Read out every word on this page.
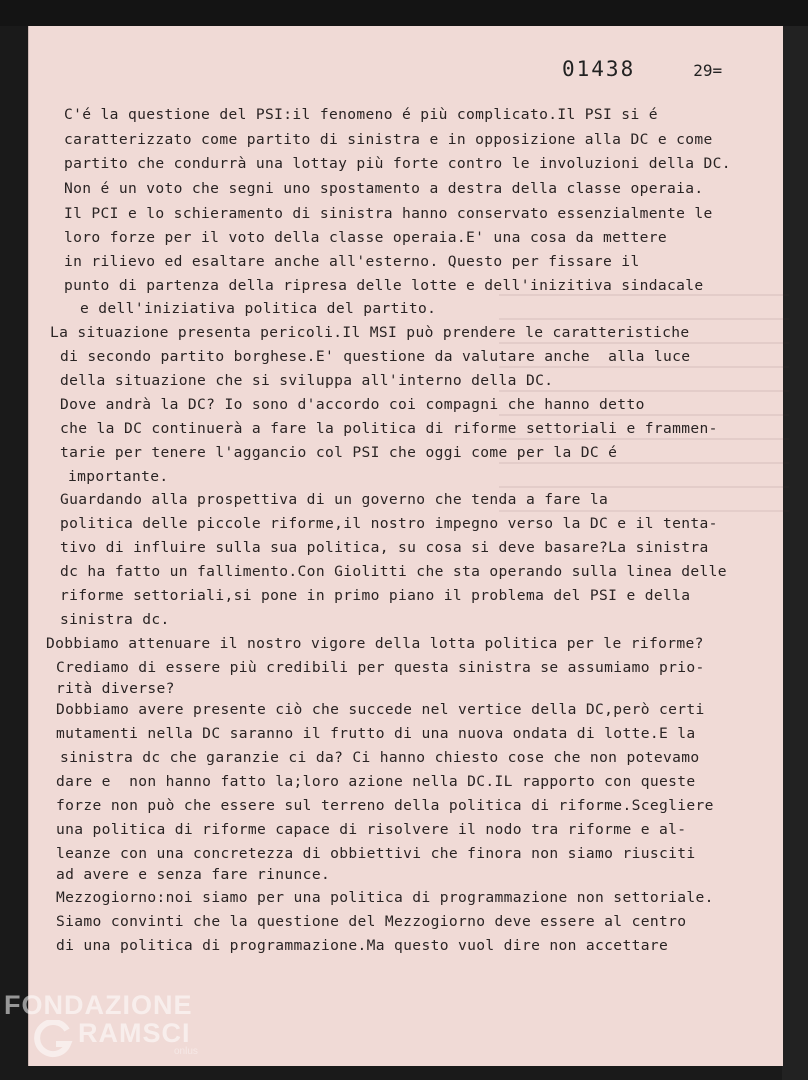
01438	29=
C'é la questione del PSI:il fenomeno é più complicato.Il PSI si é
caratterizzato come partito di sinistra e in opposizione alla DC e come
partito che condurrà una lottay più forte contro le involuzioni della DC.
Non é un voto che segni uno spostamento a destra della classe operaia.
Il PCI e lo schieramento di sinistra hanno conservato essenzialmente le
loro forze per il voto della classe operaia.E' una cosa da mettere
in rilievo ed esaltare anche all'esterno. Questo per fissare il
punto di partenza della ripresa delle lotte e dell'inizitiva sindacale
e dell'iniziativa politica del partito.
La situazione presenta pericoli.Il MSI può prendere le caratteristiche
di secondo partito borghese.E' questione da valutare anche  alla luce
della situazione che si sviluppa all'interno della DC.
Dove andrà la DC? Io sono d'accordo coi compagni che hanno detto
che la DC continuerà a fare la politica di riforme settoriali e frammen-
tarie per tenere l'aggancio col PSI che oggi come per la DC é
importante.
Guardando alla prospettiva di un governo che tenda a fare la
politica delle piccole riforme,il nostro impegno verso la DC e il tenta-
tivo di influire sulla sua politica, su cosa si deve basare?La sinistra
dc ha fatto un fallimento.Con Giolitti che sta operando sulla linea delle
riforme settoriali,si pone in primo piano il problema del PSI e della
sinistra dc.
Dobbiamo attenuare il nostro vigore della lotta politica per le riforme?
Crediamo di essere più credibili per questa sinistra se assumiamo prio-
rità diverse?
Dobbiamo avere presente ciò che succede nel vertice della DC,però certi
mutamenti nella DC saranno il frutto di una nuova ondata di lotte.E la
sinistra dc che garanzie ci da? Ci hanno chiesto cose che non potevamo
dare e  non hanno fatto la;loro azione nella DC.IL rapporto con queste
forze non può che essere sul terreno della politica di riforme.Scegliere
una politica di riforme capace di risolvere il nodo tra riforme e al-
leanze con una concretezza di obbiettivi che finora non siamo riusciti
ad avere e senza fare rinunce.
Mezzogiorno:noi siamo per una politica di programmazione non settoriale.
Siamo convinti che la questione del Mezzogiorno deve essere al centro
di una politica di programmazione.Ma questo vuol dire non accettare
FONDAZIONE
RAMSCI
onlus
